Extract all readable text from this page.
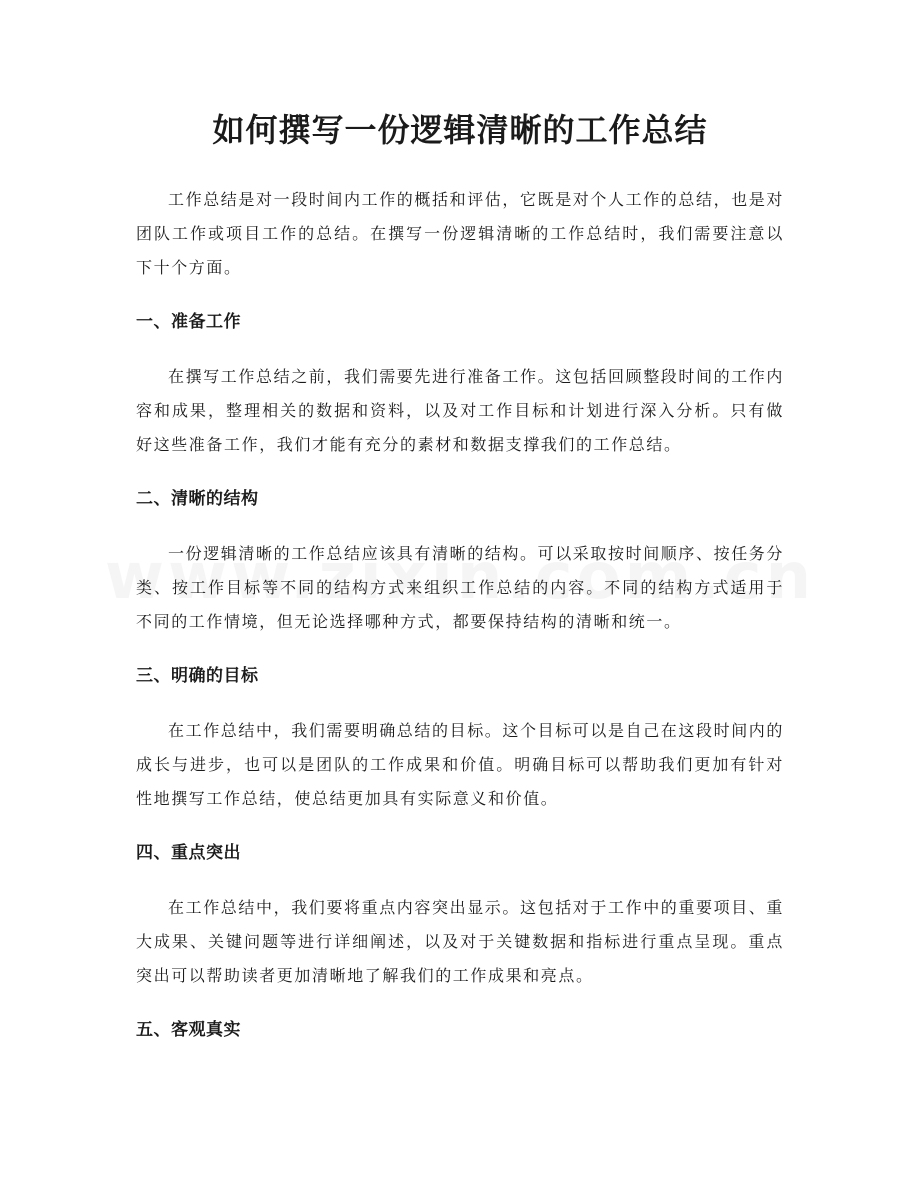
如何撰写一份逻辑清晰的工作总结

工作总结是对一段时间内工作的概括和评估，它既是对个人工作的总结，也是对团队工作或项目工作的总结。在撰写一份逻辑清晰的工作总结时，我们需要注意以下十个方面。

一、准备工作

在撰写工作总结之前，我们需要先进行准备工作。这包括回顾整段时间的工作内容和成果，整理相关的数据和资料，以及对工作目标和计划进行深入分析。只有做好这些准备工作，我们才能有充分的素材和数据支撑我们的工作总结。

二、清晰的结构

一份逻辑清晰的工作总结应该具有清晰的结构。可以采取按时间顺序、按任务分类、按工作目标等不同的结构方式来组织工作总结的内容。不同的结构方式适用于不同的工作情境，但无论选择哪种方式，都要保持结构的清晰和统一。

三、明确的目标

在工作总结中，我们需要明确总结的目标。这个目标可以是自己在这段时间内的成长与进步，也可以是团队的工作成果和价值。明确目标可以帮助我们更加有针对性地撰写工作总结，使总结更加具有实际意义和价值。

四、重点突出

在工作总结中，我们要将重点内容突出显示。这包括对于工作中的重要项目、重大成果、关键问题等进行详细阐述，以及对于关键数据和指标进行重点呈现。重点突出可以帮助读者更加清晰地了解我们的工作成果和亮点。

五、客观真实
